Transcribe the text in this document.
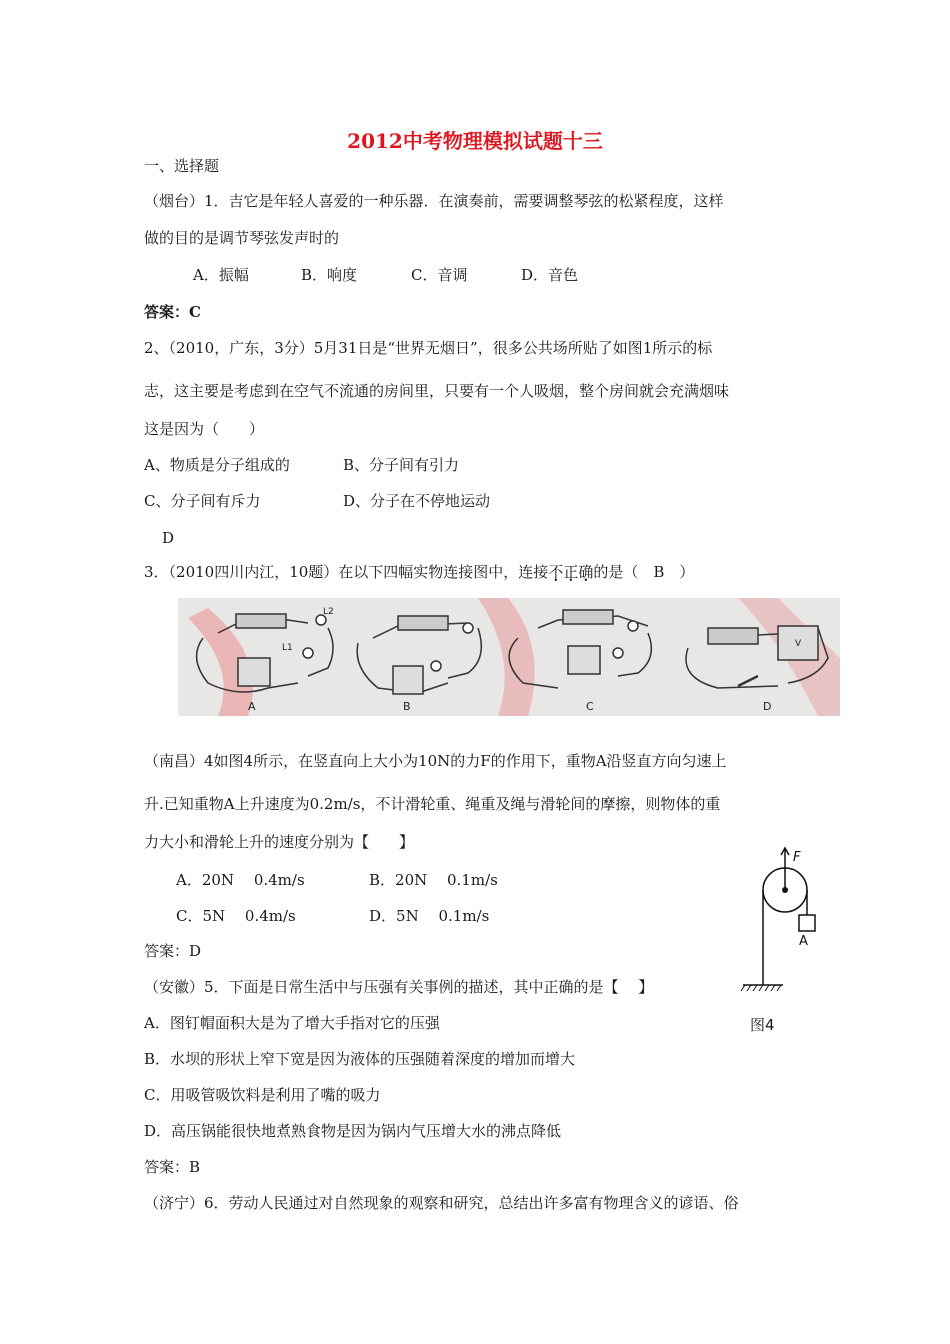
2012中考物理模拟试题十三
一、选择题
（烟台）1．吉它是年轻人喜爱的一种乐器．在演奏前，需要调整琴弦的松紧程度，这样
做的目的是调节琴弦发声时的
A．振幅	B．响度	C．音调	D．音色
答案：C
2、（2010，广东，3分）5月31日是“世界无烟日”，很多公共场所贴了如图1所示的标
志，这主要是考虑到在空气不流通的房间里，只要有一个人吸烟，整个房间就会充满烟味
这是因为（　　）
A、物质是分子组成的	B、分子间有引力
C、分子间有斥力	D、分子在不停地运动
D
3．（2010四川内江，10题）在以下四幅实物连接图中，连接不正确的是（　B　）
L2
L1
A	B	C
V
D
（南昌）4如图4所示，在竖直向上大小为10N的力F的作用下，重物A沿竖直方向匀速上
升.已知重物A上升速度为0.2m/s，不计滑轮重、绳重及绳与滑轮间的摩擦，则物体的重
力大小和滑轮上升的速度分别为【　　】
A．20N　 0.4m/s	B．20N　 0.1m/s
C．5N　 0.4m/s	D．5N　 0.1m/s
答案：D
F
A
图4
（安徽）5．下面是日常生活中与压强有关事例的描述，其中正确的是【　 】
A．图钉帽面积大是为了增大手指对它的压强
B．水坝的形状上窄下宽是因为液体的压强随着深度的增加而增大
C．用吸管吸饮料是利用了嘴的吸力
D．高压锅能很快地煮熟食物是因为锅内气压增大水的沸点降低
答案：B
（济宁）6．劳动人民通过对自然现象的观察和研究，总结出许多富有物理含义的谚语、俗
